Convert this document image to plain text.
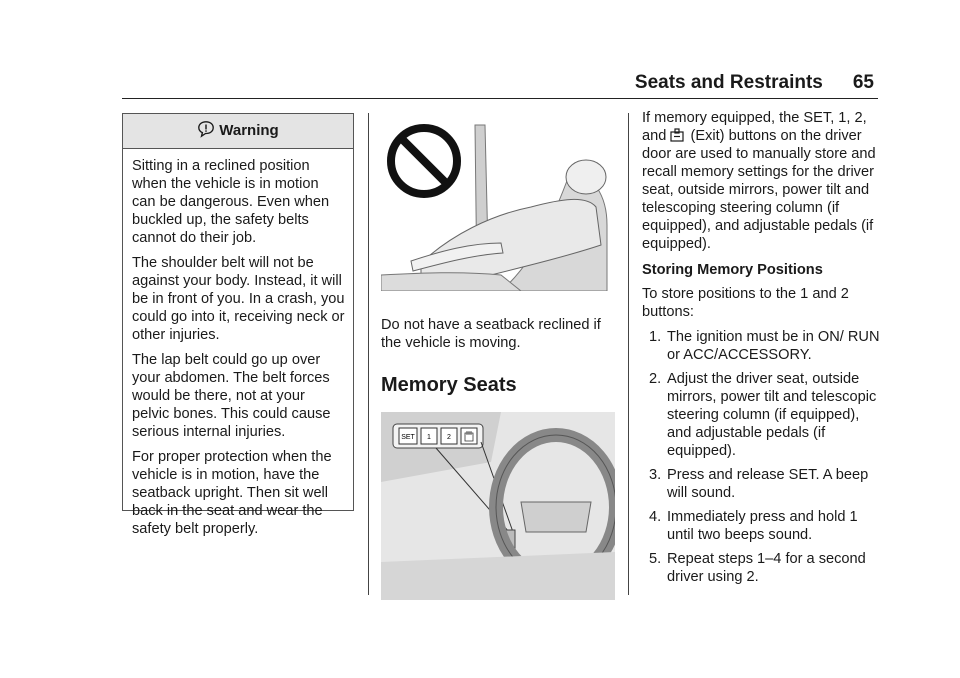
Seats and Restraints 65
Warning

Sitting in a reclined position when the vehicle is in motion can be dangerous. Even when buckled up, the safety belts cannot do their job.

The shoulder belt will not be against your body. Instead, it will be in front of you. In a crash, you could go into it, receiving neck or other injuries.

The lap belt could go up over your abdomen. The belt forces would be there, not at your pelvic bones. This could cause serious internal injuries.

For proper protection when the vehicle is in motion, have the seatback upright. Then sit well back in the seat and wear the safety belt properly.

Do not have a seatback reclined if the vehicle is moving.

Memory Seats
SET 1 2

If memory equipped, the SET, 1, 2, and (Exit) buttons on the driver door are used to manually store and recall memory settings for the driver seat, outside mirrors, power tilt and telescoping steering column (if equipped), and adjustable pedals (if equipped).

Storing Memory Positions

To store positions to the 1 and 2 buttons:

1. The ignition must be in ON/ RUN or ACC/ACCESSORY.
2. Adjust the driver seat, outside mirrors, power tilt and telescopic steering column (if equipped), and adjustable pedals (if equipped).
3. Press and release SET. A beep will sound.
4. Immediately press and hold 1 until two beeps sound.
5. Repeat steps 1–4 for a second driver using 2.
